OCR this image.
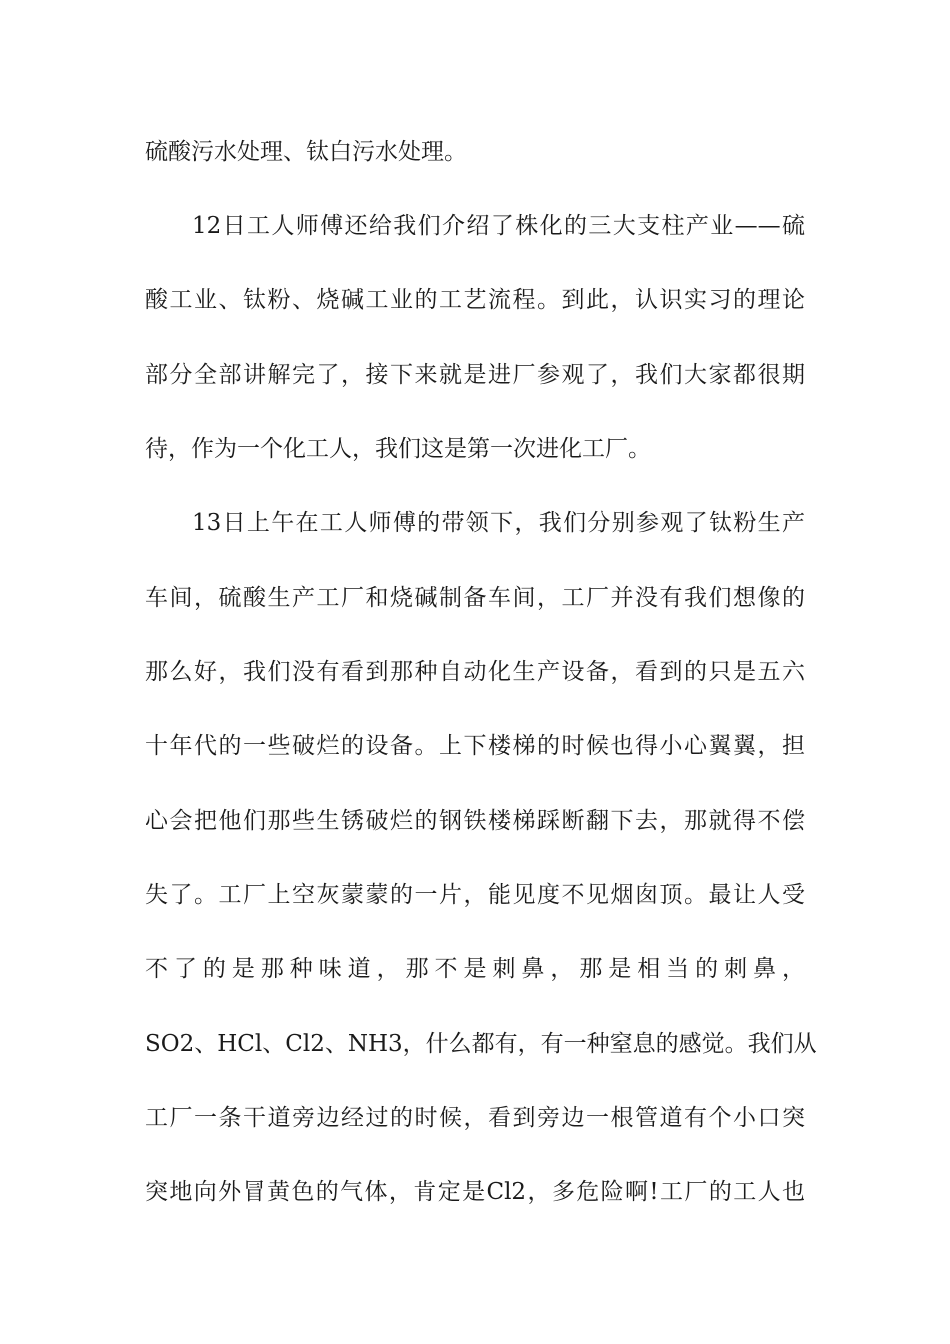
硫酸污水处理、钛白污水处理。
12日工人师傅还给我们介绍了株化的三大支柱产业——硫
酸工业、钛粉、烧碱工业的工艺流程。到此，认识实习的理论
部分全部讲解完了，接下来就是进厂参观了，我们大家都很期
待，作为一个化工人，我们这是第一次进化工厂。
13日上午在工人师傅的带领下，我们分别参观了钛粉生产
车间，硫酸生产工厂和烧碱制备车间，工厂并没有我们想像的
那么好，我们没有看到那种自动化生产设备，看到的只是五六
十年代的一些破烂的设备。上下楼梯的时候也得小心翼翼，担
心会把他们那些生锈破烂的钢铁楼梯踩断翻下去，那就得不偿
失了。工厂上空灰蒙蒙的一片，能见度不见烟囱顶。最让人受
不了的是那种味道，那不是刺鼻，那是相当的刺鼻，
SO2、HCl、Cl2、NH3，什么都有，有一种窒息的感觉。我们从
工厂一条干道旁边经过的时候，看到旁边一根管道有个小口突
突地向外冒黄色的气体，肯定是Cl2，多危险啊!工厂的工人也
